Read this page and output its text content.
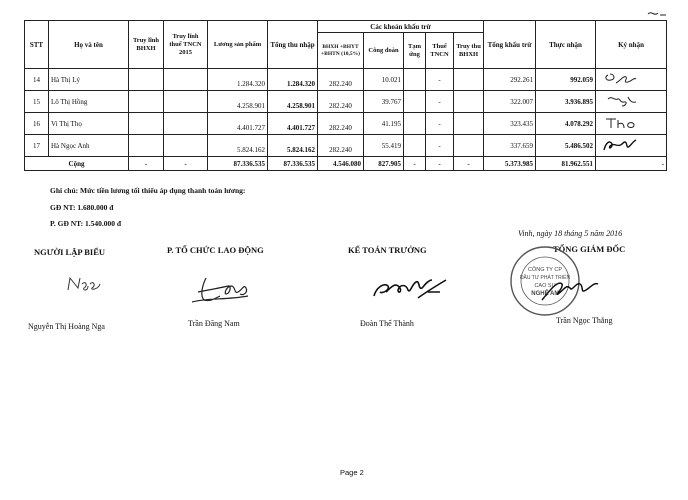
STT	Họ và tên	Truy lĩnh BHXH	Truy lĩnh thuế TNCN 2015	Lương sản phẩm	Tổng thu nhập	Các khoản khấu trừ					Tổng khấu trừ	Thực nhận	Ký nhận
						BHXH +BHYT +BHTN (10,5%)	Công đoàn	Tạm ứng	Thuế TNCN	Truy thu BHXH			
14	Hà Thị Lý			1.284.320	1.284.320	282.240	10.021		-		292.261	992.059	

15	Lô Thị Hồng			4.258.901	4.258.901	282.240	39.767		-		322.007	3.936.895	

16	Vi Thị Thọ			4.401.727	4.401.727	282.240	41.195		-		323.435	4.078.292	

17	Hà Ngọc Anh			5.824.162	5.824.162	282.240	55.419		-		337.659	5.486.502	

Cộng		-	-	87.336.535	87.336.535	4.546.080	827.905	-	-	-	5.373.985	81.962.551	-
Ghi chú: Mức tiền lương tối thiểu áp dụng thanh toán lương:
GĐ NT: 1.680.000 đ
P. GĐ NT: 1.540.000 đ
Vinh, ngày 18 tháng 5 năm 2016
NGƯỜI LẬP BIỂU	P. TỔ CHỨC LAO ĐỘNG	KẾ TOÁN TRƯỞNG	TỔNG GIÁM ĐỐC
CÔNG TY CP
ĐẦU TƯ PHÁT TRIỂN
CAO SU
NGHỆ AN
Nguyễn Thị Hoàng Nga	Trần Đăng Nam	Đoàn Thế Thành	Trần Ngọc Thắng
Page 2
